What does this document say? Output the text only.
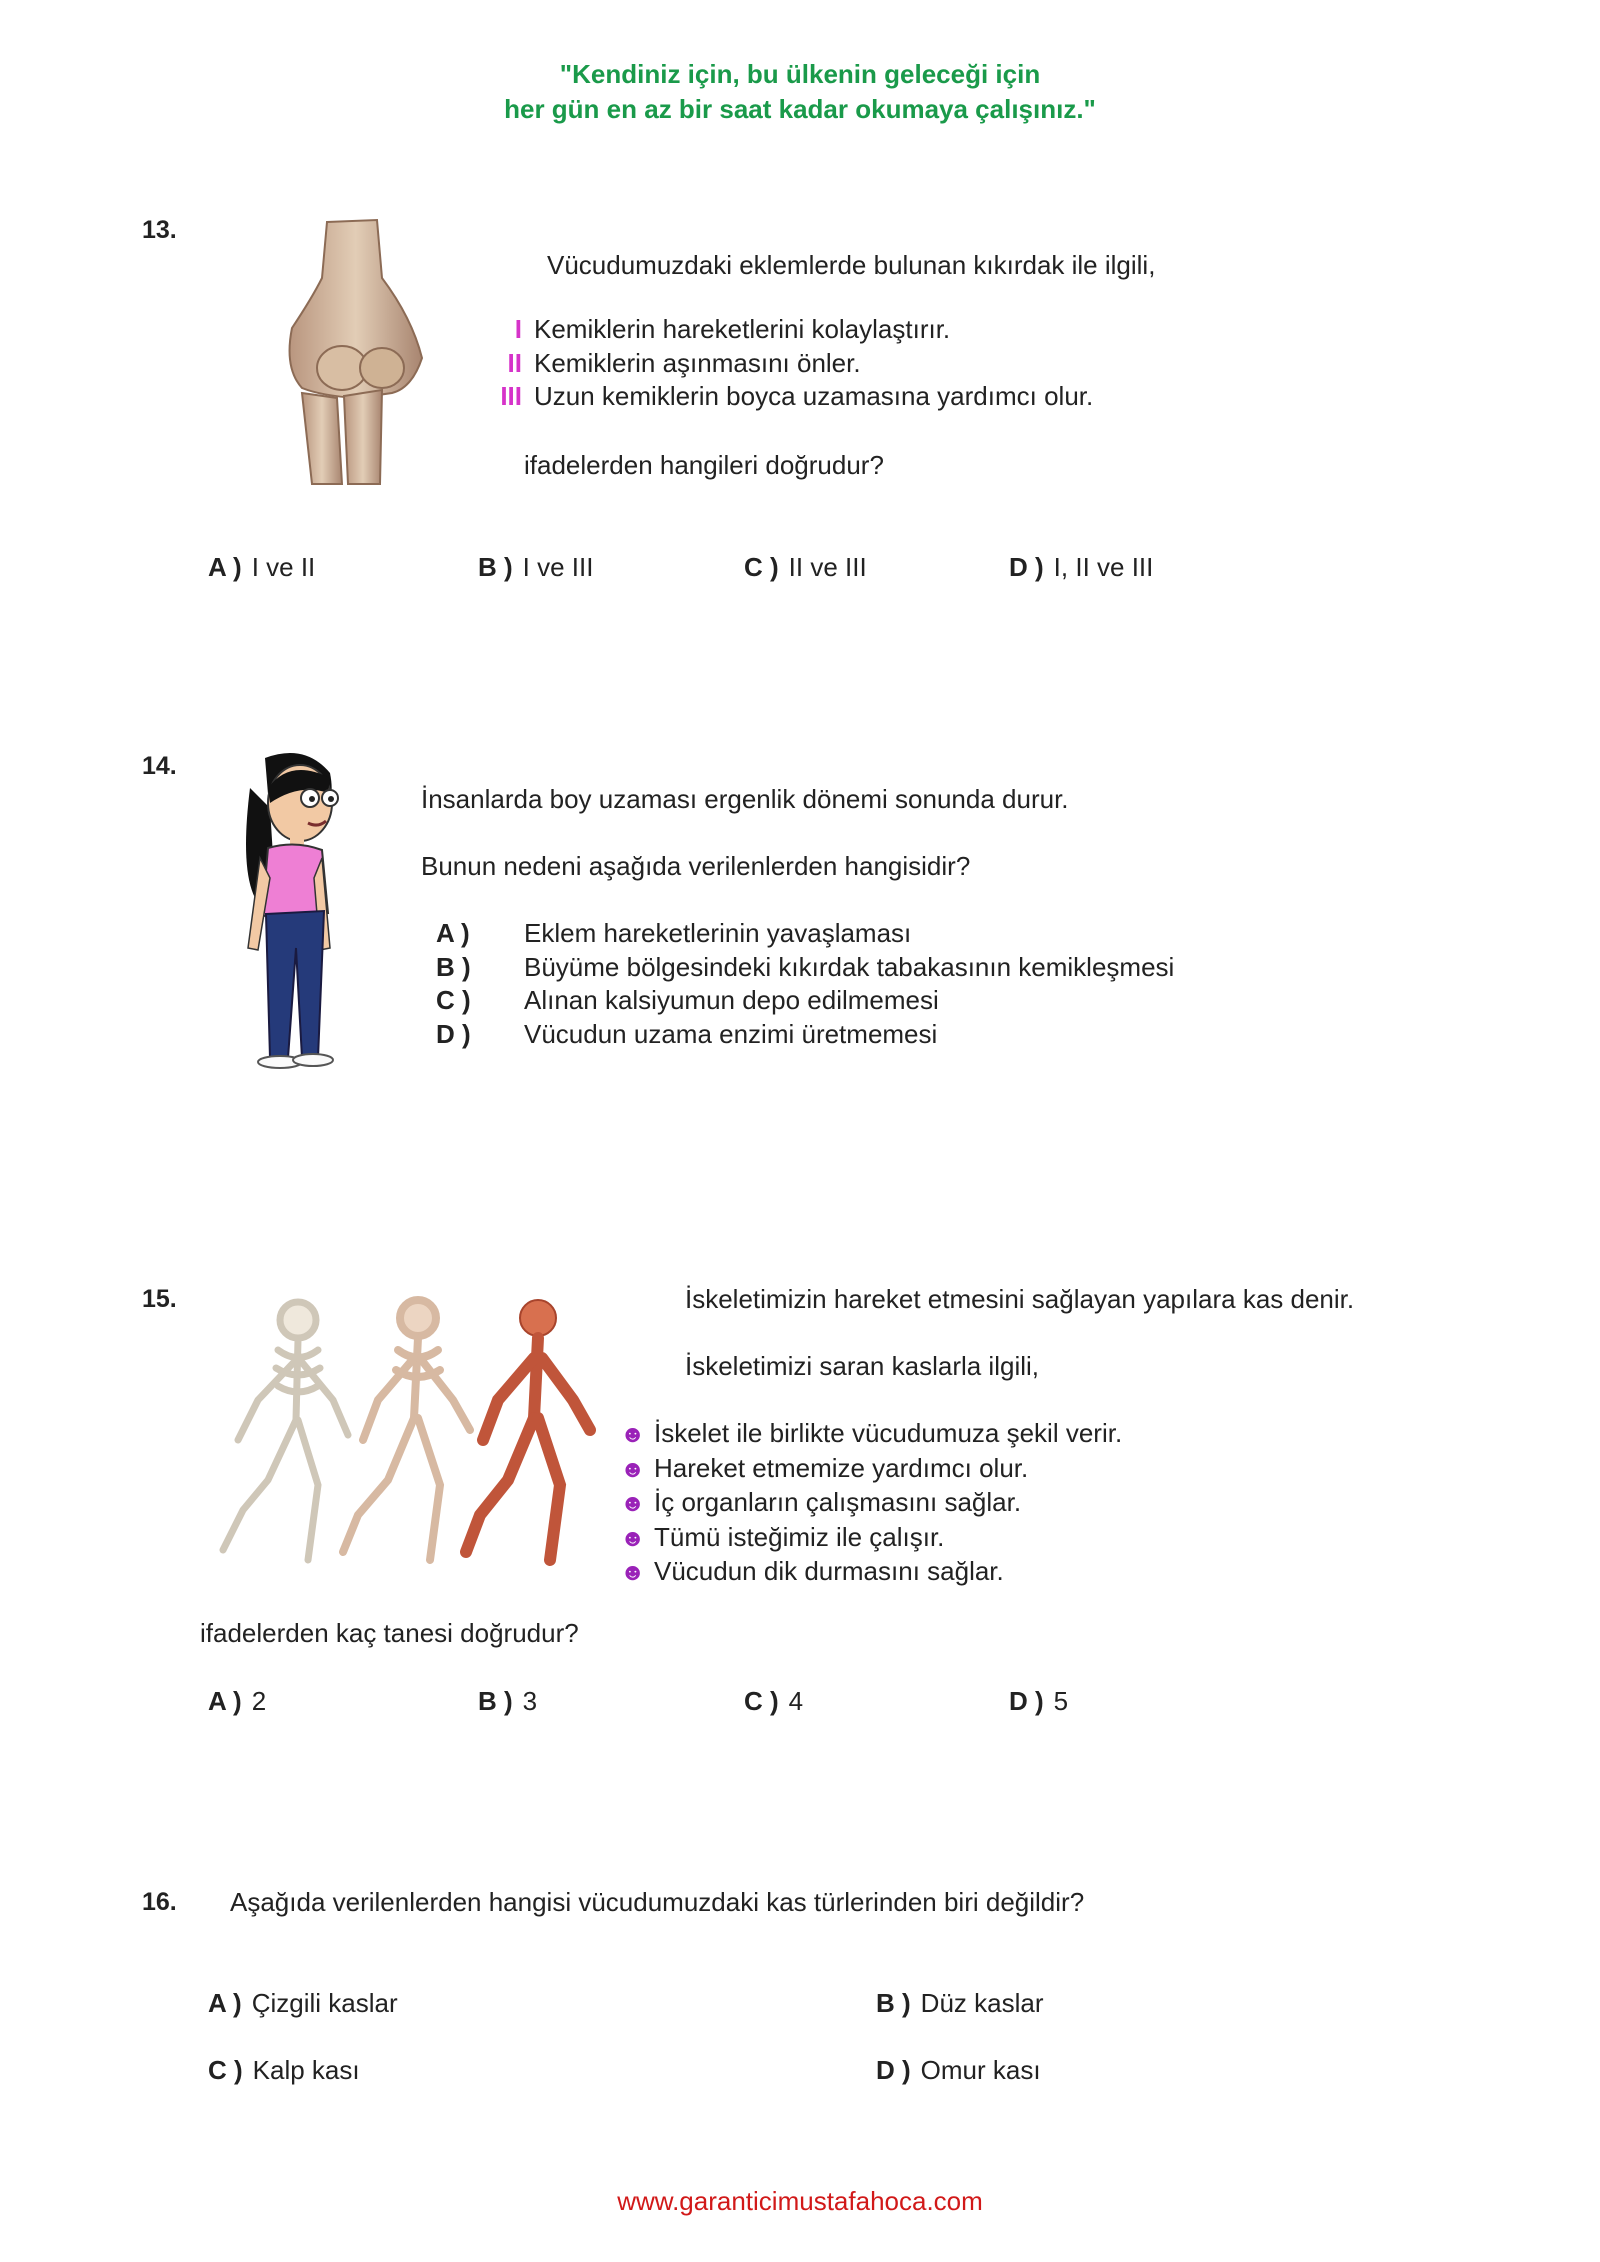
"Kendiniz için, bu ülkenin geleceği için
her gün en az bir saat kadar okumaya çalışınız."
13.
Vücudumuzdaki eklemlerde bulunan kıkırdak ile ilgili,
I Kemiklerin hareketlerini kolaylaştırır.
II Kemiklerin aşınmasını önler.
III Uzun kemiklerin boyca uzamasına yardımcı olur.
ifadelerden hangileri doğrudur?
A ) I ve II	B ) I ve III	C ) II ve III	D ) I, II ve III
14.
İnsanlarda boy uzaması ergenlik dönemi sonunda durur.
Bunun nedeni aşağıda verilenlerden hangisidir?
A ) Eklem hareketlerinin yavaşlaması
B ) Büyüme bölgesindeki kıkırdak tabakasının kemikleşmesi
C ) Alınan kalsiyumun depo edilmemesi
D ) Vücudun uzama enzimi üretmemesi
15.	İskeletimizin hareket etmesini sağlayan yapılara kas denir.
İskeletimizi saran kaslarla ilgili,
☻ İskelet ile birlikte vücudumuza şekil verir.
☻ Hareket etmemize yardımcı olur.
☻ İç organların çalışmasını sağlar.
☻ Tümü isteğimiz ile çalışır.
☻ Vücudun dik durmasını sağlar.
ifadelerden kaç tanesi doğrudur?
A ) 2	B ) 3	C ) 4	D ) 5
16. Aşağıda verilenlerden hangisi vücudumuzdaki kas türlerinden biri değildir?
A ) Çizgili kaslar	B ) Düz kaslar
C ) Kalp kası	D ) Omur kası
www.garanticimustafahoca.com
